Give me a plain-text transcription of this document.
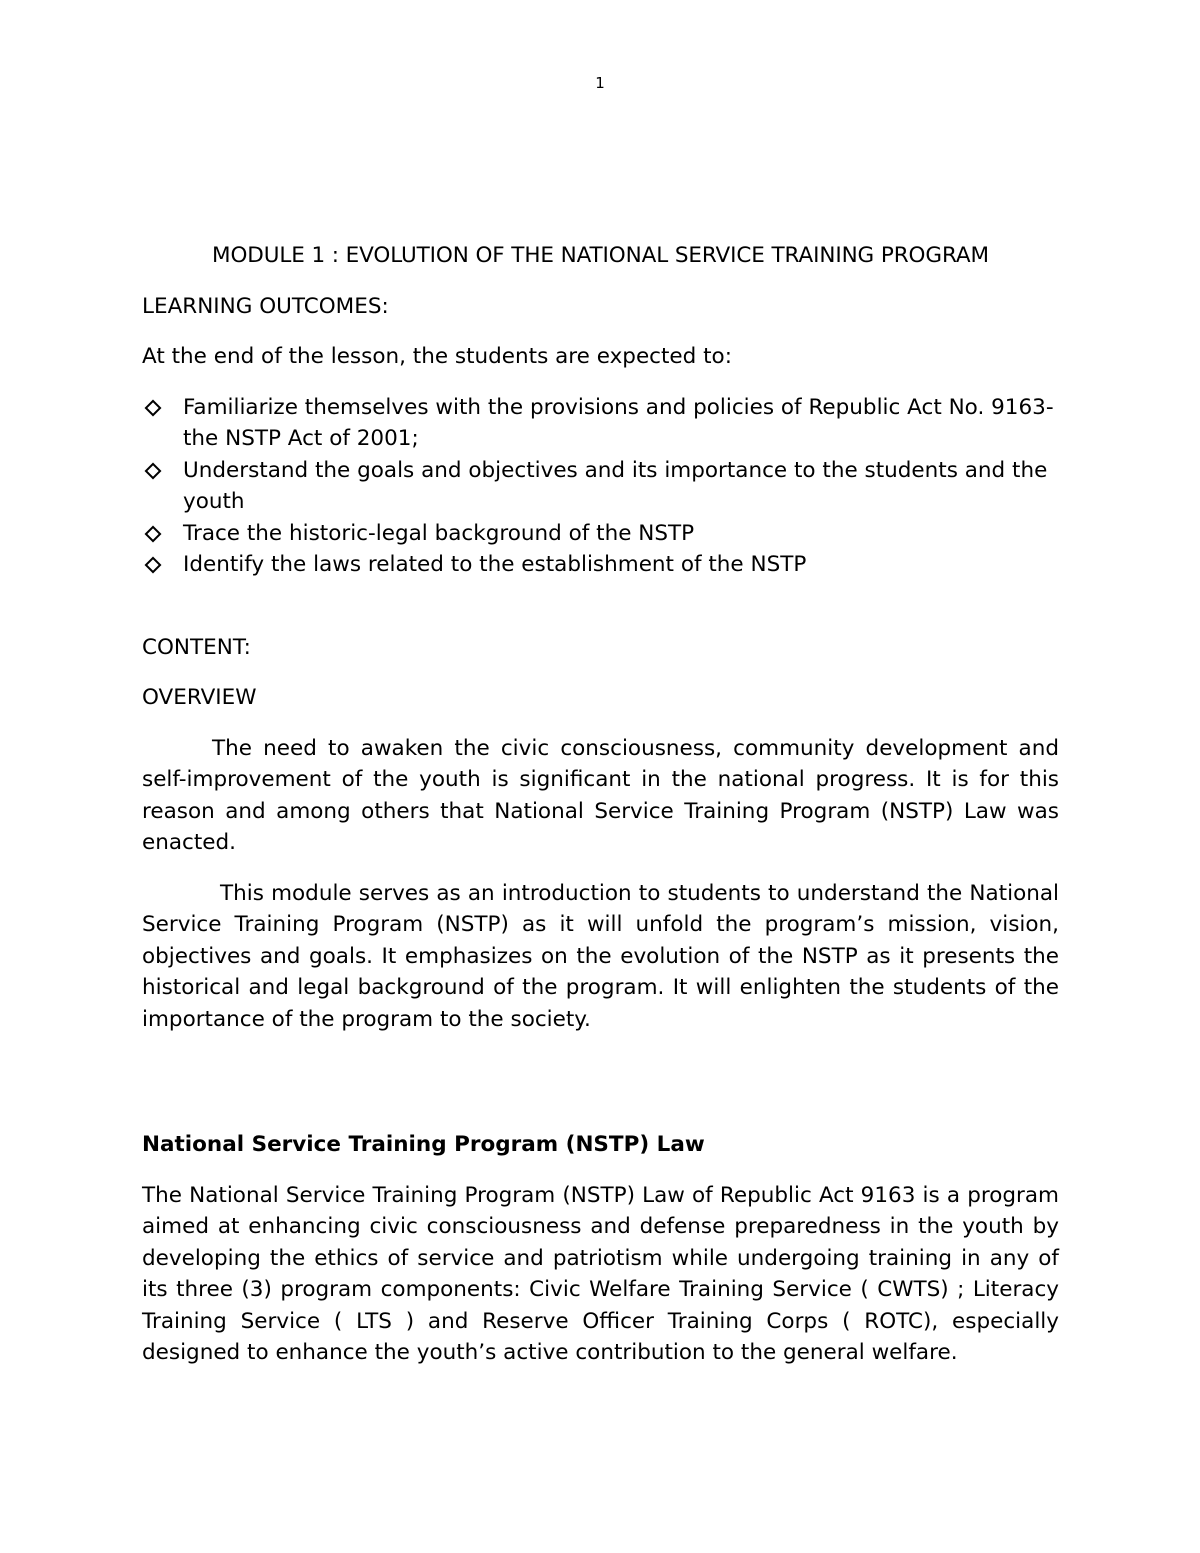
1

MODULE 1 : EVOLUTION OF THE NATIONAL SERVICE TRAINING PROGRAM

LEARNING OUTCOMES:

At the end of the lesson, the students are expected to:

Familiarize themselves with the provisions and policies of Republic Act No. 9163- the NSTP Act of 2001;
Understand the goals and objectives and its importance to the students and the youth
Trace the historic-legal background of the NSTP
Identify the laws related to the establishment of the NSTP

CONTENT:

OVERVIEW

The need to awaken the civic consciousness, community development and self-improvement of the youth is significant in the national progress. It is for this reason and among others that National Service Training Program (NSTP) Law was enacted.

This module serves as an introduction to students to understand the National Service Training Program (NSTP) as it will unfold the program’s mission, vision, objectives and goals. It emphasizes on the evolution of the NSTP as it presents the historical and legal background of the program. It will enlighten the students of the importance of the program to the society.

National Service Training Program (NSTP) Law

The National Service Training Program (NSTP) Law of Republic Act 9163 is a program aimed at enhancing civic consciousness and defense preparedness in the youth by developing the ethics of service and patriotism while undergoing training in any of its three (3) program components: Civic Welfare Training Service ( CWTS) ; Literacy Training Service ( LTS ) and Reserve Officer Training Corps ( ROTC), especially designed to enhance the youth’s active contribution to the general welfare.
